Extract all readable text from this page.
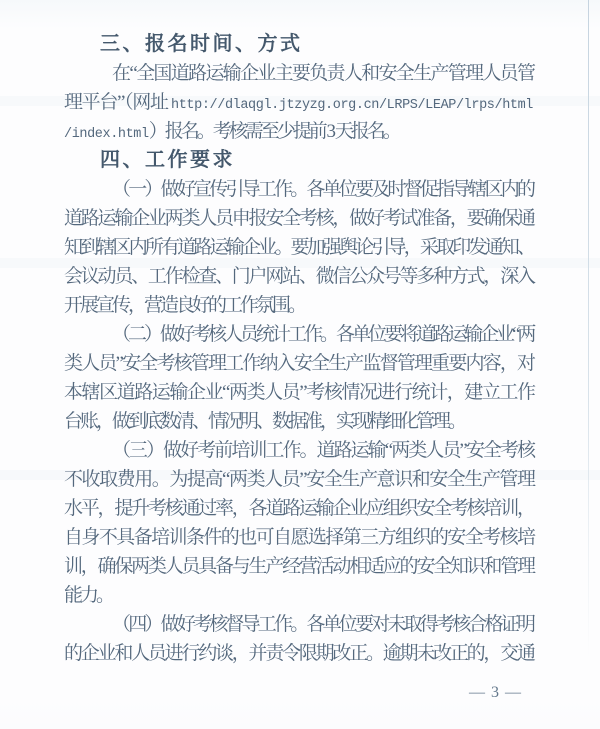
三、报名时间、方式
在“全国道路运输企业主要负责人和安全生产管理人员管
理平台”（网址 http://dlaqgl.jtzyzg.org.cn/LRPS/LEAP/lrps/html
/index.html）报名。考核需至少提前 3 天报名。
四、工作要求
（一）做好宣传引导工作。各单位要及时督促指导辖区内的
道路运输企业两类人员申报安全考核，做好考试准备，要确保通
知到辖区内所有道路运输企业。要加强舆论引导，采取印发通知、
会议动员、工作检查、门户网站、微信公众号等多种方式，深入
开展宣传，营造良好的工作氛围。
（二）做好考核人员统计工作。各单位要将道路运输企业“两
类人员”安全考核管理工作纳入安全生产监督管理重要内容，对
本辖区道路运输企业“两类人员”考核情况进行统计，建立工作
台账，做到底数清、情况明、数据准，实现精细化管理。
（三）做好考前培训工作。道路运输“两类人员”安全考核
不收取费用。为提高“两类人员”安全生产意识和安全生产管理
水平，提升考核通过率，各道路运输企业应组织安全考核培训，
自身不具备培训条件的也可自愿选择第三方组织的安全考核培
训，确保两类人员具备与生产经营活动相适应的安全知识和管理
能力。
（四）做好考核督导工作。各单位要对未取得考核合格证明
的企业和人员进行约谈，并责令限期改正。逾期未改正的，交通
— 3 —
